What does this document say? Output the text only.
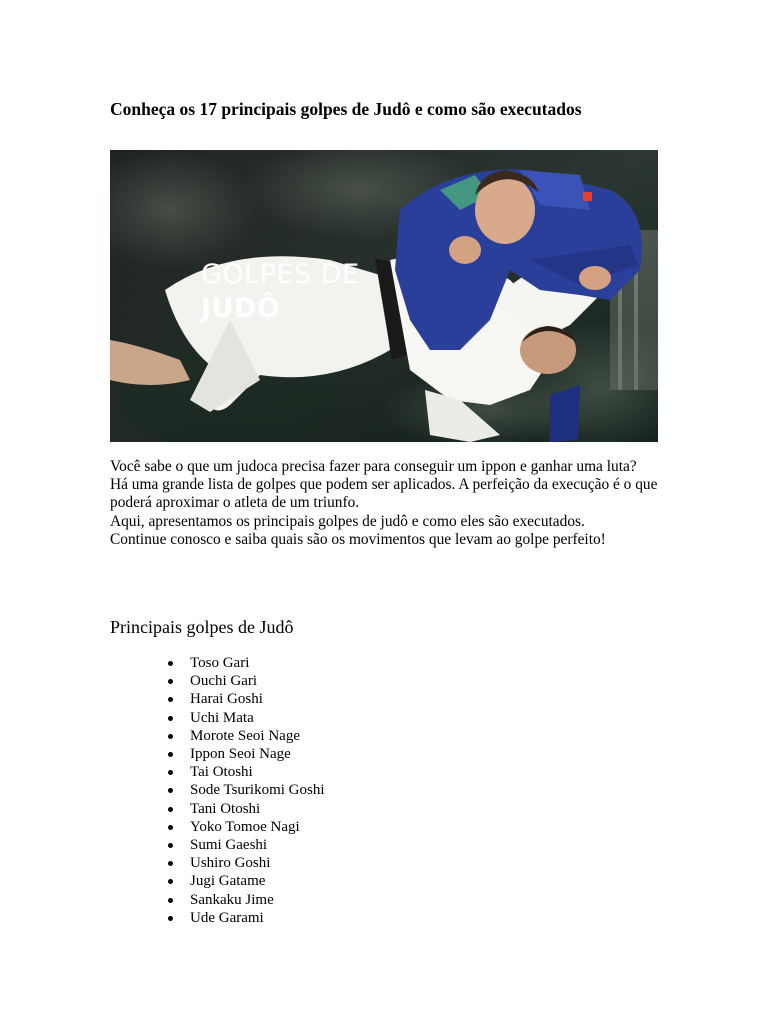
Conheça os 17 principais golpes de Judô e como são executados
GOLPES DE
JUDÔ

Você sabe o que um judoca precisa fazer para conseguir um ippon e ganhar uma luta?

Há uma grande lista de golpes que podem ser aplicados. A perfeição da execução é o que poderá aproximar o atleta de um triunfo.

Aqui, apresentamos os principais golpes de judô e como eles são executados.

Continue conosco e saiba quais são os movimentos que levam ao golpe perfeito!

Principais golpes de Judô
Toso Gari
Ouchi Gari
Harai Goshi
Uchi Mata
Morote Seoi Nage
Ippon Seoi Nage
Tai Otoshi
Sode Tsurikomi Goshi
Tani Otoshi
Yoko Tomoe Nagi
Sumi Gaeshi
Ushiro Goshi
Jugi Gatame
Sankaku Jime
Ude Garami
